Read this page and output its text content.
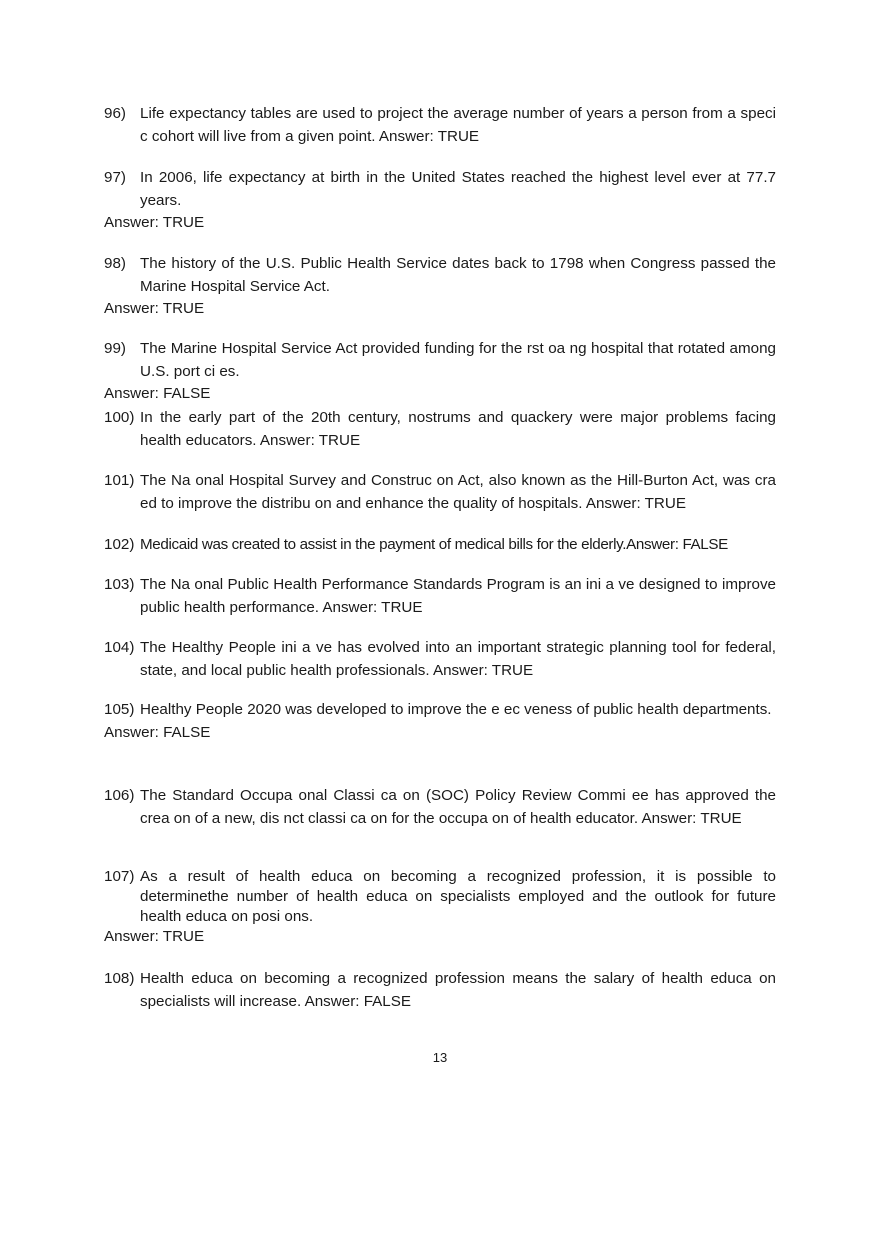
96) Life expectancy tables are used to project the average number of years a person from a speci c cohort will live from a given point. Answer: TRUE
97) In 2006, life expectancy at birth in the United States reached the highest level ever at 77.7 years.
Answer: TRUE
98) The history of the U.S. Public Health Service dates back to 1798 when Congress passed the Marine Hospital Service Act.
Answer: TRUE
99) The Marine Hospital Service Act provided funding for the rst oa ng hospital that rotated among U.S. port ci es.
Answer: FALSE
100) In the early part of the 20th century, nostrums and quackery were major problems facing health educators. Answer: TRUE
101) The Na onal Hospital Survey and Construc on Act, also known as the Hill-Burton Act, was cra ed to improve the distribu on and enhance the quality of hospitals. Answer: TRUE
102) Medicaid was created to assist in the payment of medical bills for the elderly.Answer: FALSE
103) The Na onal Public Health Performance Standards Program is an ini a ve designed to improve public health performance. Answer: TRUE
104) The Healthy People ini a ve has evolved into an important strategic planning tool for federal, state, and local public health professionals. Answer: TRUE
105) Healthy People 2020 was developed to improve the e ec veness of public health departments.
Answer: FALSE
106) The Standard Occupa onal Classi ca on (SOC) Policy Review Commi ee has approved the crea on of a new, dis nct classi ca on for the occupa on of health educator. Answer: TRUE
107) As a result of health educa on becoming a recognized profession, it is possible to determinethe number of health educa on specialists employed and the outlook for future health educa on posi ons.
Answer: TRUE
108) Health educa on becoming a recognized profession means the salary of health educa on specialists will increase. Answer: FALSE
13
